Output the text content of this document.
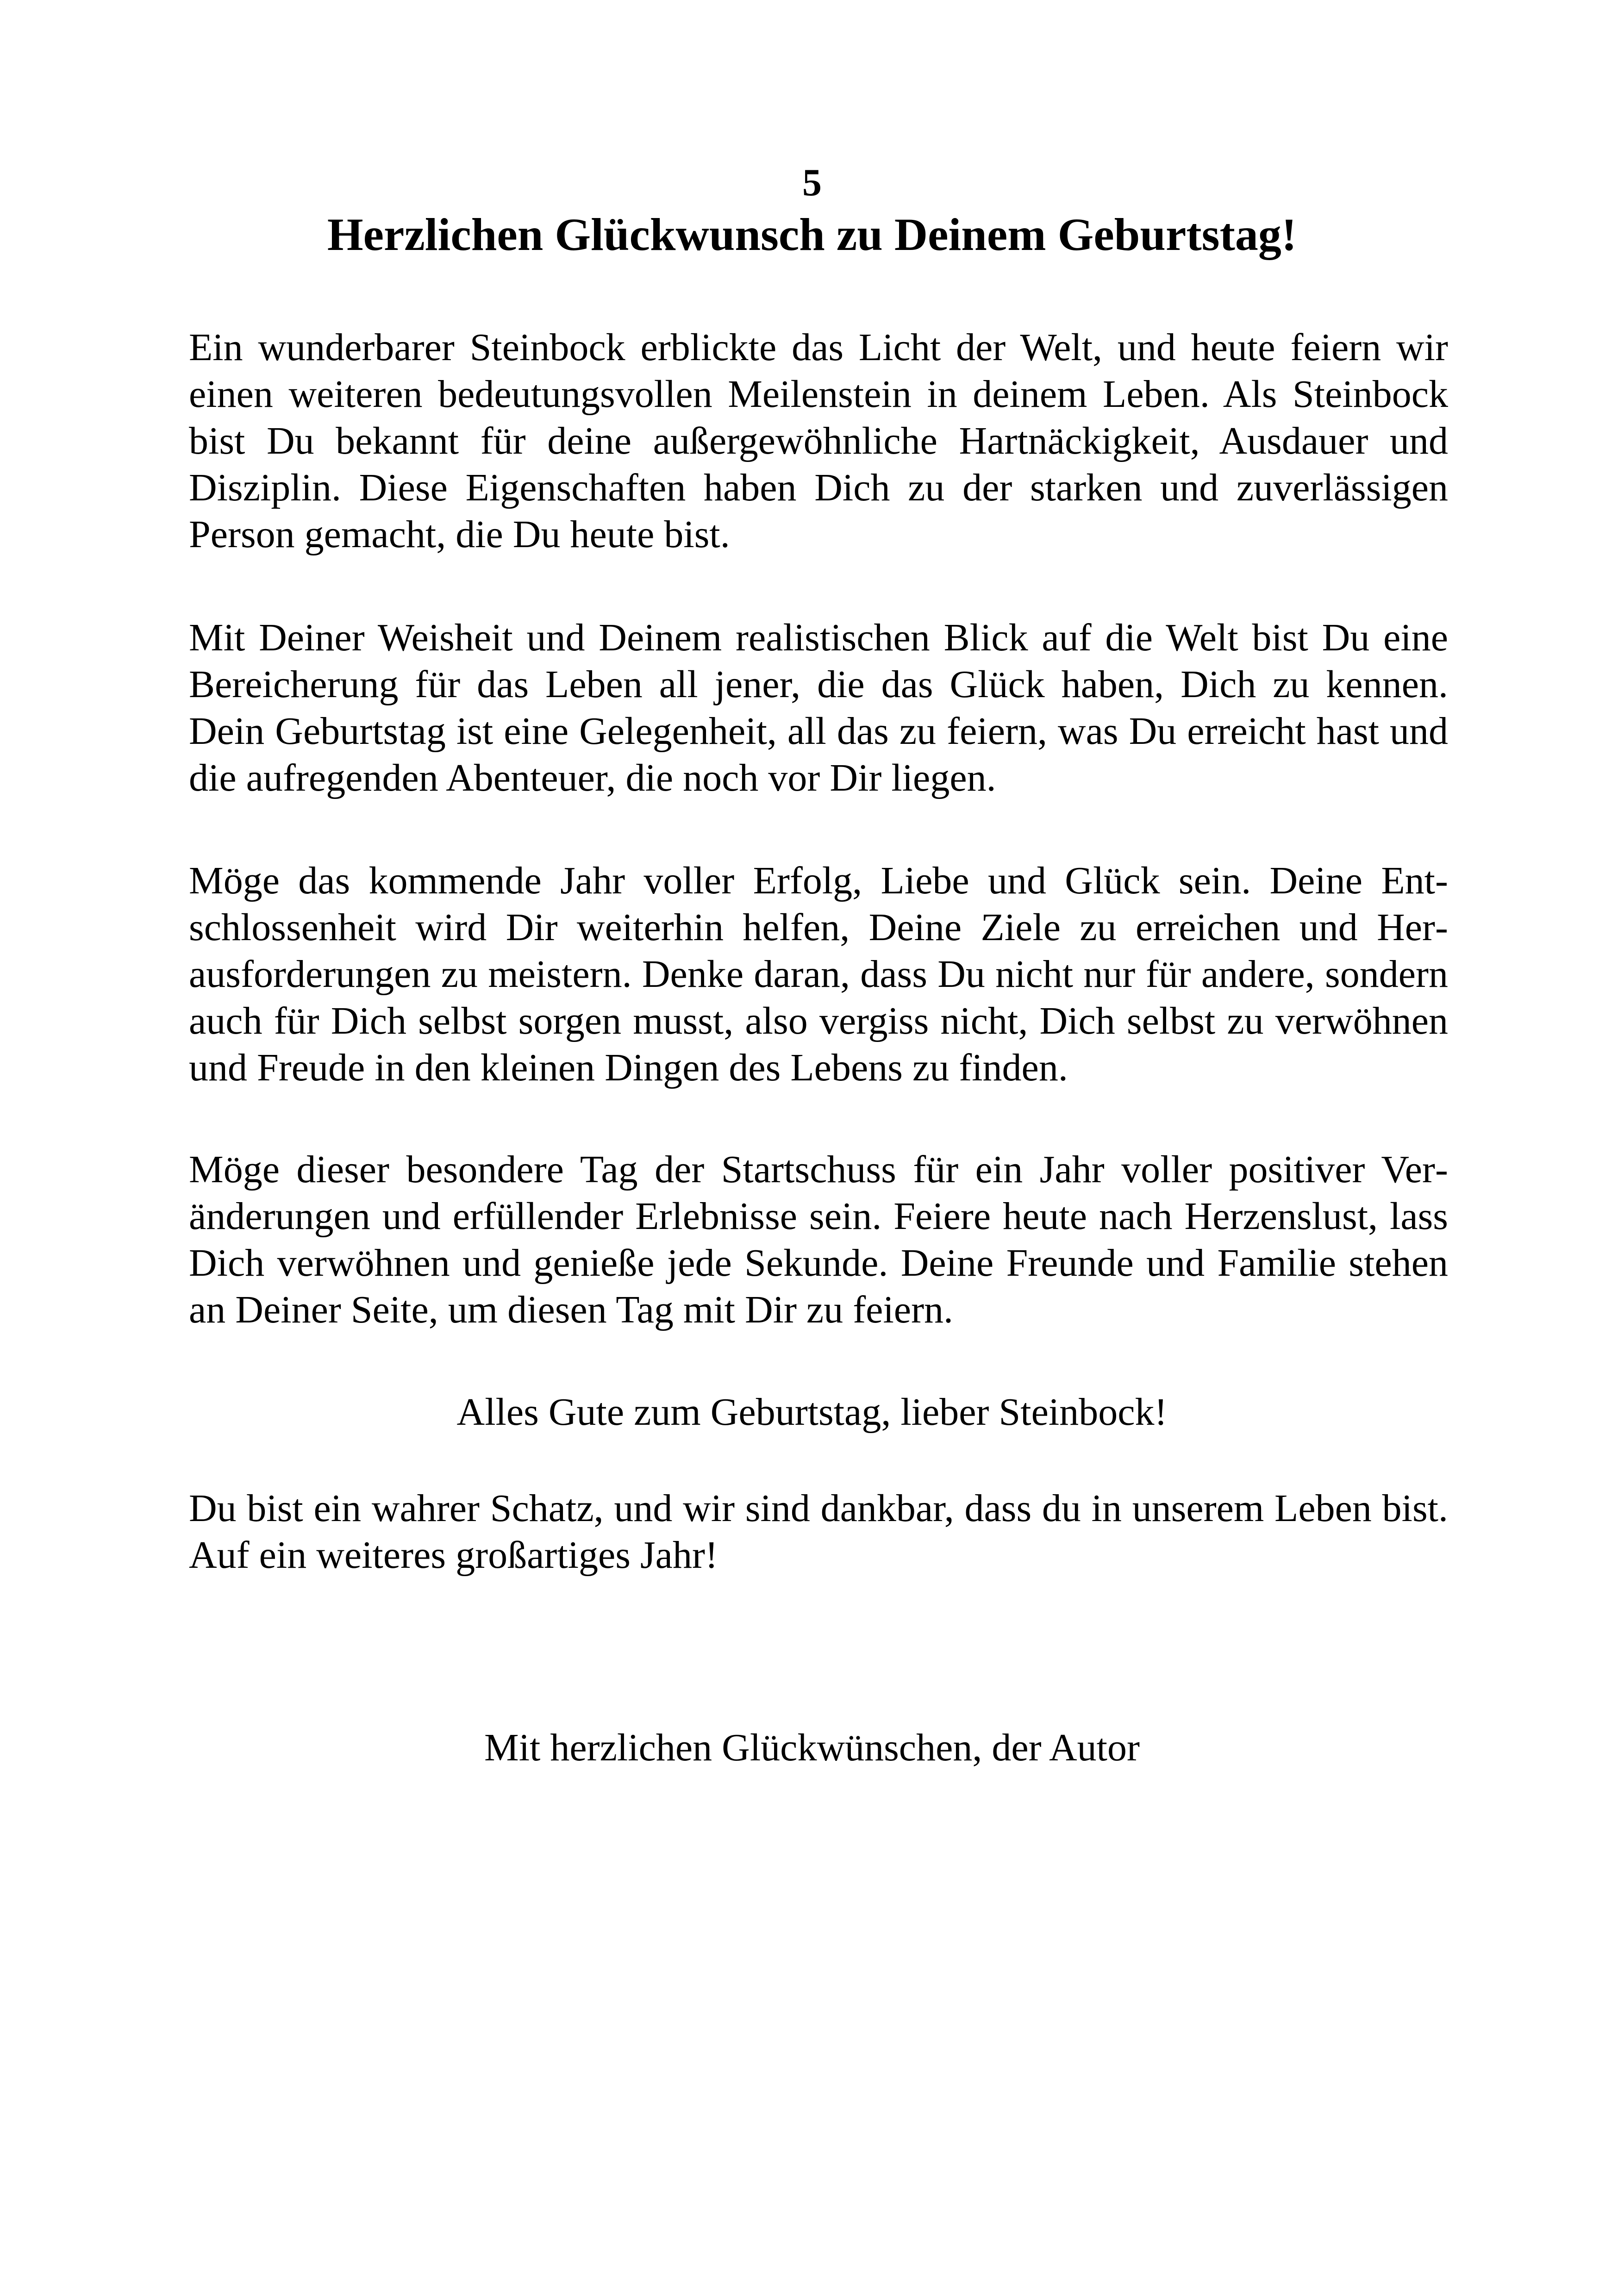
5
Herzlichen Glückwunsch zu Deinem Geburtstag!

Ein wunderbarer Steinbock erblickte das Licht der Welt, und heute feiern wir einen weiteren bedeutungsvollen Meilenstein in deinem Leben. Als Steinbock bist Du bekannt für deine außergewöhnliche Hartnäckigkeit, Ausdauer und Disziplin. Diese Eigenschaften haben Dich zu der starken und zuverlässigen Person gemacht, die Du heute bist.

Mit Deiner Weisheit und Deinem realistischen Blick auf die Welt bist Du eine Bereicherung für das Leben all jener, die das Glück haben, Dich zu kennen. Dein Geburtstag ist eine Gelegenheit, all das zu feiern, was Du erreicht hast und die aufregenden Abenteuer, die noch vor Dir liegen.

Möge das kommende Jahr voller Erfolg, Liebe und Glück sein. Deine Entschlossenheit wird Dir weiterhin helfen, Deine Ziele zu erreichen und Herausforderungen zu meistern. Denke daran, dass Du nicht nur für andere, sondern auch für Dich selbst sorgen musst, also vergiss nicht, Dich selbst zu verwöhnen und Freude in den kleinen Dingen des Lebens zu finden.

Möge dieser besondere Tag der Startschuss für ein Jahr voller positiver Veränderungen und erfüllender Erlebnisse sein. Feiere heute nach Herzenslust, lass Dich verwöhnen und genieße jede Sekunde. Deine Freunde und Familie stehen an Deiner Seite, um diesen Tag mit Dir zu feiern.

Alles Gute zum Geburtstag, lieber Steinbock!

Du bist ein wahrer Schatz, und wir sind dankbar, dass du in unserem Leben bist. Auf ein weiteres großartiges Jahr!

Mit herzlichen Glückwünschen, der Autor
